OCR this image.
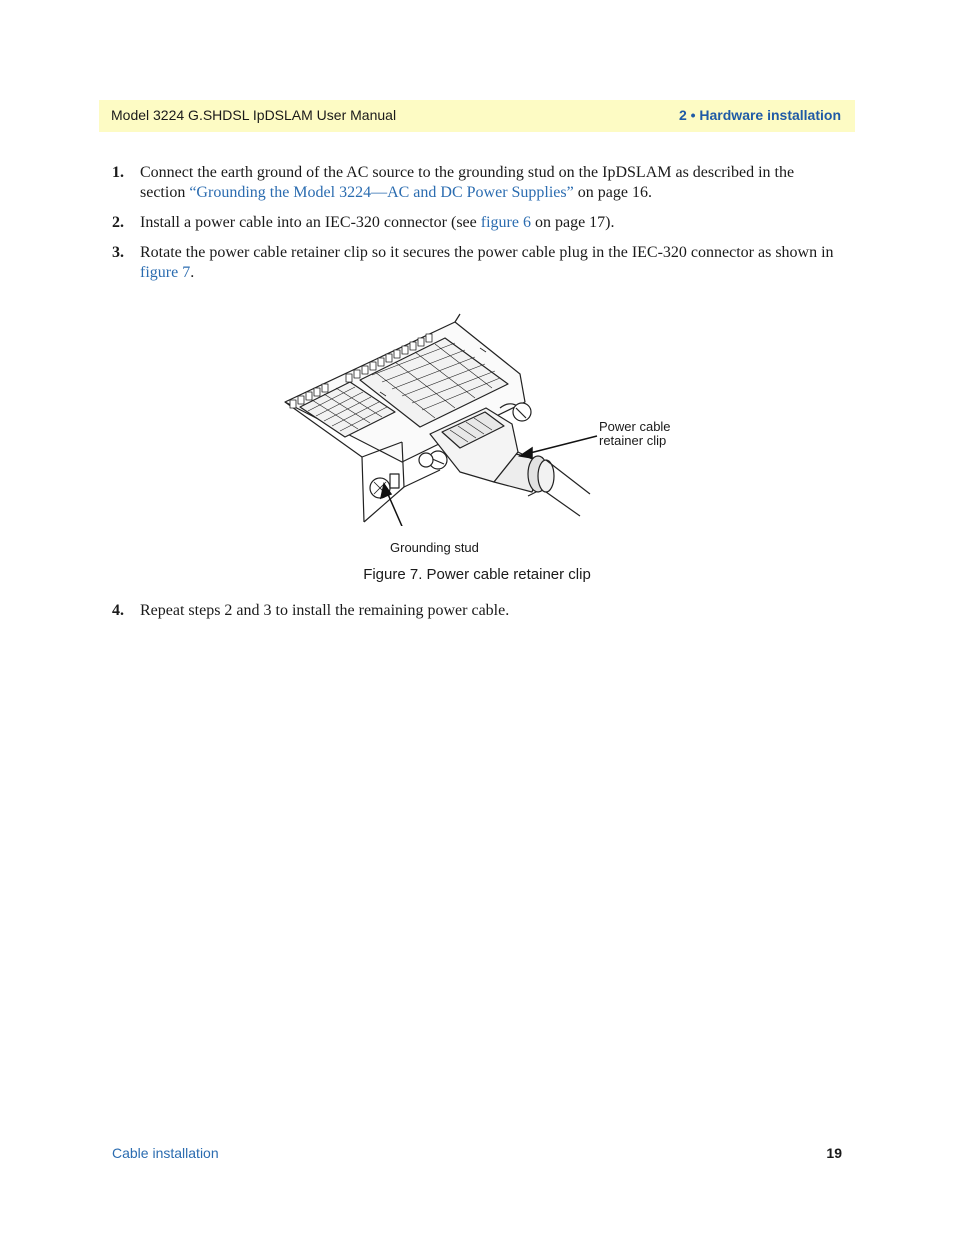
Model 3224 G.SHDSL IpDSLAM User Manual	2 • Hardware installation
1. Connect the earth ground of the AC source to the grounding stud on the IpDSLAM as described in the section “Grounding the Model 3224—AC and DC Power Supplies” on page 16.
2. Install a power cable into an IEC-320 connector (see figure 6 on page 17).
3. Rotate the power cable retainer clip so it secures the power cable plug in the IEC-320 connector as shown in figure 7.
Power cable
retainer clip
Grounding stud
Figure 7. Power cable retainer clip
4. Repeat steps 2 and 3 to install the remaining power cable.
Cable installation	19
